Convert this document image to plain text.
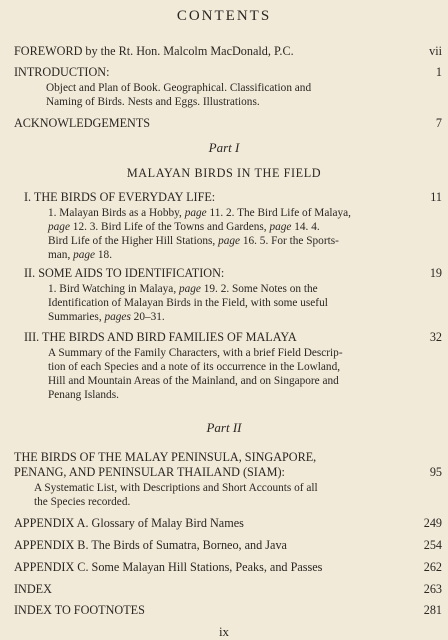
CONTENTS
FOREWORD by the Rt. Hon. Malcolm MacDonald, P.C.	vii
INTRODUCTION:	1
Object and Plan of Book. Geographical. Classification and
Naming of Birds. Nests and Eggs. Illustrations.
ACKNOWLEDGEMENTS	7
Part I
MALAYAN BIRDS IN THE FIELD
I. THE BIRDS OF EVERYDAY LIFE:	11
1. Malayan Birds as a Hobby, page 11. 2. The Bird Life of Malaya,
page 12. 3. Bird Life of the Towns and Gardens, page 14. 4.
Bird Life of the Higher Hill Stations, page 16. 5. For the Sports-
man, page 18.
II. SOME AIDS TO IDENTIFICATION:	19
1. Bird Watching in Malaya, page 19. 2. Some Notes on the
Identification of Malayan Birds in the Field, with some useful
Summaries, pages 20–31.
III. THE BIRDS AND BIRD FAMILIES OF MALAYA	32
A Summary of the Family Characters, with a brief Field Descrip-
tion of each Species and a note of its occurrence in the Lowland,
Hill and Mountain Areas of the Mainland, and on Singapore and
Penang Islands.
Part II
THE BIRDS OF THE MALAY PENINSULA, SINGAPORE,
PENANG, AND PENINSULAR THAILAND (SIAM):	95
A Systematic List, with Descriptions and Short Accounts of all
the Species recorded.
APPENDIX A. Glossary of Malay Bird Names	249
APPENDIX B. The Birds of Sumatra, Borneo, and Java	254
APPENDIX C. Some Malayan Hill Stations, Peaks, and Passes	262
INDEX	263
INDEX TO FOOTNOTES	281
ix
